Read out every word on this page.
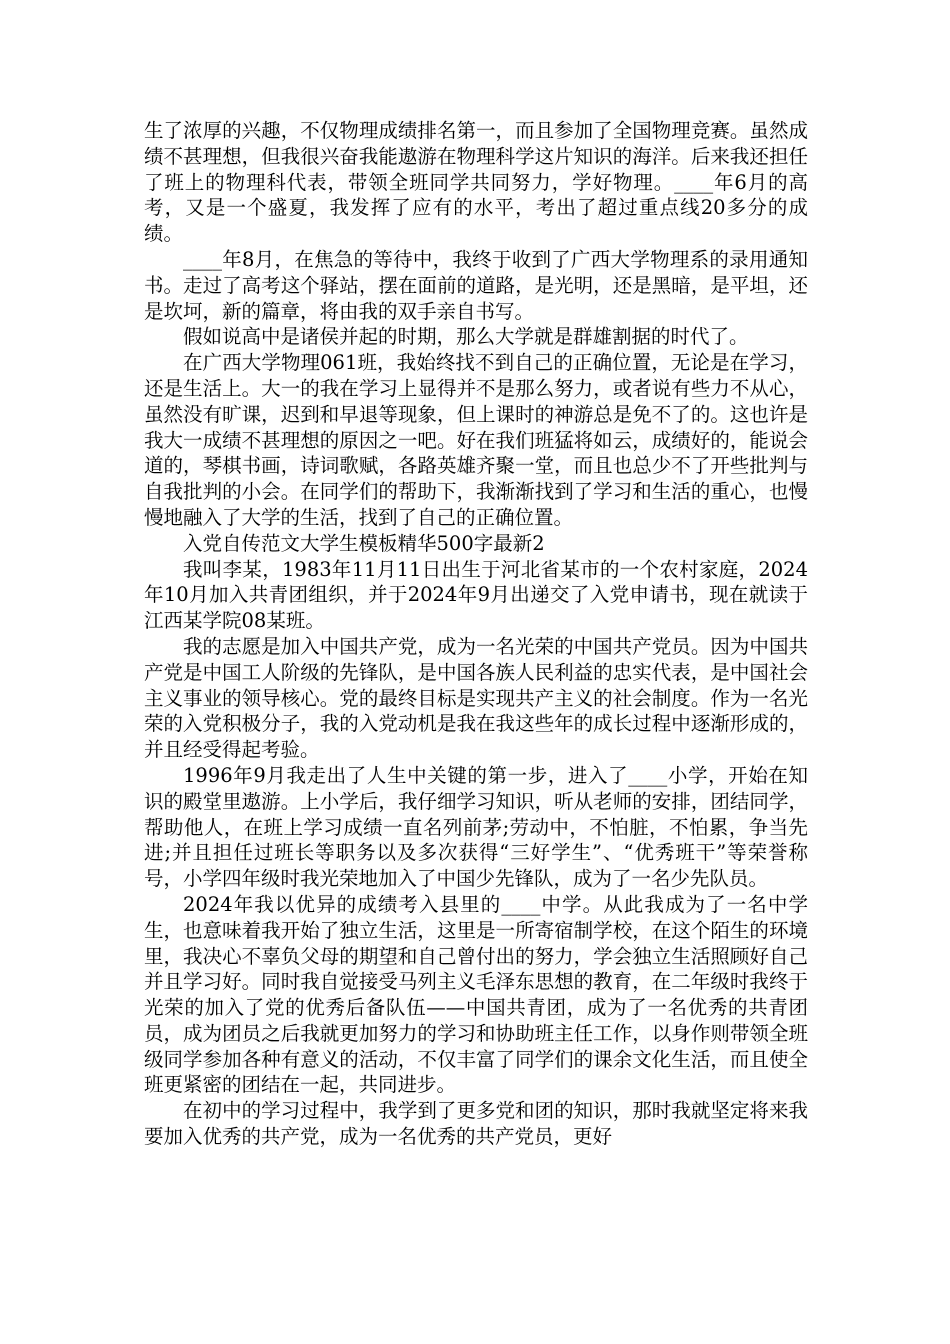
生了浓厚的兴趣，不仅物理成绩排名第一，而且参加了全国物理竞赛。虽然成绩不甚理想，但我很兴奋我能遨游在物理科学这片知识的海洋。后来我还担任了班上的物理科代表，带领全班同学共同努力，学好物理。____年6月的高考，又是一个盛夏，我发挥了应有的水平，考出了超过重点线20多分的成绩。

____年8月，在焦急的等待中，我终于收到了广西大学物理系的录用通知书。走过了高考这个驿站，摆在面前的道路，是光明，还是黑暗，是平坦，还是坎坷，新的篇章，将由我的双手亲自书写。

假如说高中是诸侯并起的时期，那么大学就是群雄割据的时代了。

在广西大学物理061班，我始终找不到自己的正确位置，无论是在学习，还是生活上。大一的我在学习上显得并不是那么努力，或者说有些力不从心，虽然没有旷课，迟到和早退等现象，但上课时的神游总是免不了的。这也许是我大一成绩不甚理想的原因之一吧。好在我们班猛将如云，成绩好的，能说会道的，琴棋书画，诗词歌赋，各路英雄齐聚一堂，而且也总少不了开些批判与自我批判的小会。在同学们的帮助下，我渐渐找到了学习和生活的重心，也慢慢地融入了大学的生活，找到了自己的正确位置。

入党自传范文大学生模板精华500字最新2

我叫李某，1983年11月11日出生于河北省某市的一个农村家庭，2024年10月加入共青团组织，并于2024年9月出递交了入党申请书，现在就读于江西某学院08某班。

我的志愿是加入中国共产党，成为一名光荣的中国共产党员。因为中国共产党是中国工人阶级的先锋队，是中国各族人民利益的忠实代表，是中国社会主义事业的领导核心。党的最终目标是实现共产主义的社会制度。作为一名光荣的入党积极分子，我的入党动机是我在我这些年的成长过程中逐渐形成的，并且经受得起考验。

1996年9月我走出了人生中关键的第一步，进入了____小学，开始在知识的殿堂里遨游。上小学后，我仔细学习知识，听从老师的安排，团结同学，帮助他人，在班上学习成绩一直名列前茅;劳动中，不怕脏，不怕累，争当先进;并且担任过班长等职务以及多次获得“三好学生”、“优秀班干”等荣誉称号，小学四年级时我光荣地加入了中国少先锋队，成为了一名少先队员。

2024年我以优异的成绩考入县里的____中学。从此我成为了一名中学生，也意味着我开始了独立生活，这里是一所寄宿制学校，在这个陌生的环境里，我决心不辜负父母的期望和自己曾付出的努力，学会独立生活照顾好自己并且学习好。同时我自觉接受马列主义毛泽东思想的教育，在二年级时我终于光荣的加入了党的优秀后备队伍——中国共青团，成为了一名优秀的共青团员，成为团员之后我就更加努力的学习和协助班主任工作，以身作则带领全班级同学参加各种有意义的活动，不仅丰富了同学们的课余文化生活，而且使全班更紧密的团结在一起，共同进步。

在初中的学习过程中，我学到了更多党和团的知识，那时我就坚定将来我要加入优秀的共产党，成为一名优秀的共产党员，更好
